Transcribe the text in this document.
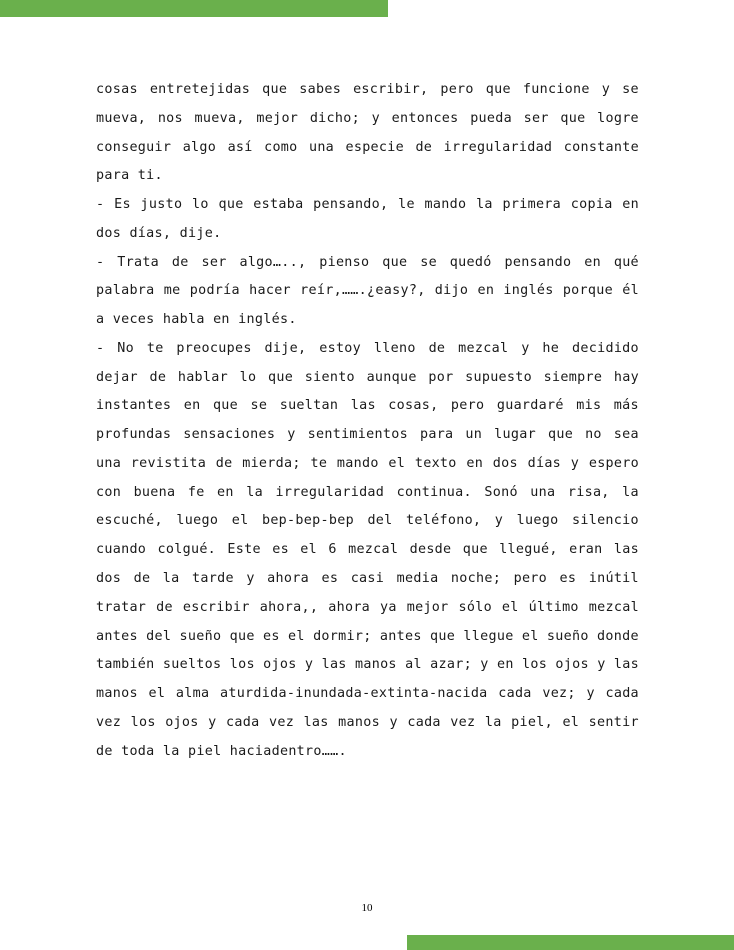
cosas entretejidas que sabes escribir, pero que funcione y se
mueva, nos mueva, mejor dicho; y entonces pueda ser que logre
conseguir algo así como una especie de irregularidad constante
para ti.
- Es justo lo que estaba pensando, le mando la primera copia en
dos días, dije.
- Trata de ser algo….., pienso que se quedó pensando en qué
palabra me podría hacer reír,…….¿easy?, dijo en inglés porque él
a veces habla en inglés.
- No te preocupes dije, estoy lleno de mezcal y he decidido
dejar de hablar lo que siento aunque por supuesto siempre hay
instantes en que se sueltan las cosas, pero guardaré mis más
profundas sensaciones y sentimientos para un lugar que no sea
una revistita de mierda; te mando el texto en dos días y espero
con buena fe en la irregularidad continua. Sonó una risa, la
escuché, luego el bep-bep-bep del teléfono, y luego silencio
cuando colgué. Este es el 6 mezcal desde que llegué, eran las
dos de la tarde y ahora es casi media noche; pero es inútil
tratar de escribir ahora,, ahora ya mejor sólo el último mezcal
antes del sueño que es el dormir; antes que llegue el sueño donde
también sueltos los ojos y las manos al azar; y en los ojos y las
manos el alma aturdida-inundada-extinta-nacida cada vez; y cada
vez los ojos y cada vez las manos y cada vez la piel, el sentir
de toda la piel haciadentro…….
10
